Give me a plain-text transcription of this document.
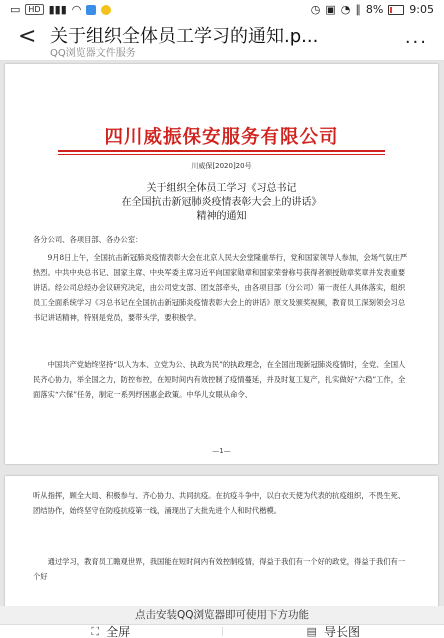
▭	HD ▮▮▮ ◠	◷ ▣ ◔ ∥ 8% 9:05
< 关于组织全体员工学习的通知.p...
QQ浏览器文件服务
...
四川威振保安服务有限公司
川威保[2020]20号
关于组织全体员工学习《习总书记
在全国抗击新冠肺炎疫情表彰大会上的讲话》
精神的通知

各分公司、各项目部、各办公室：

9月8日上午，全国抗击新冠肺炎疫情表彰大会在北京人民大会堂隆重举行，党和国家领导人参加，会场气氛庄严热烈。中共中央总书记、国家主席、中央军委主席习近平向国家勋章和国家荣誉称号获得者颁授勋章奖章并发表重要讲话。经公司总经办会议研究决定，由公司党支部、团支部牵头，由各项目部（分公司）第一责任人具体落实，组织员工全面系统学习《习总书记在全国抗击新冠肺炎疫情表彰大会上的讲话》原文及颁奖视频，教育员工深刻领会习总书记讲话精神，特别是党员，要带头学，要积极学。

中国共产党始终坚持“以人为本、立党为公、执政为民”的执政理念，在全国出现新冠肺炎疫情时，全党、全国人民齐心协力，举全国之力，防控布控，在短时间内有效控制了疫情蔓延，并及时复工复产，扎实做好“六稳”工作，全面落实“六保”任务，制定一系列纾困惠企政策。中华儿女眼从命令、

—1—

听从指挥，顾全大局、积极参与、齐心协力、共同抗疫。在抗疫斗争中，以白衣天使为代表的抗疫组织，不畏生死、团结协作，始终坚守在防疫抗疫第一线，涌现出了大批先进个人和时代楷模。

通过学习，教育员工瞻观世界，我国能在短时间内有效控制疫情，得益于我们有一个好的政党，得益于我们有一个好

点击安装QQ浏览器即可使用下方功能
⛶ 全屏	▤ 导长图
